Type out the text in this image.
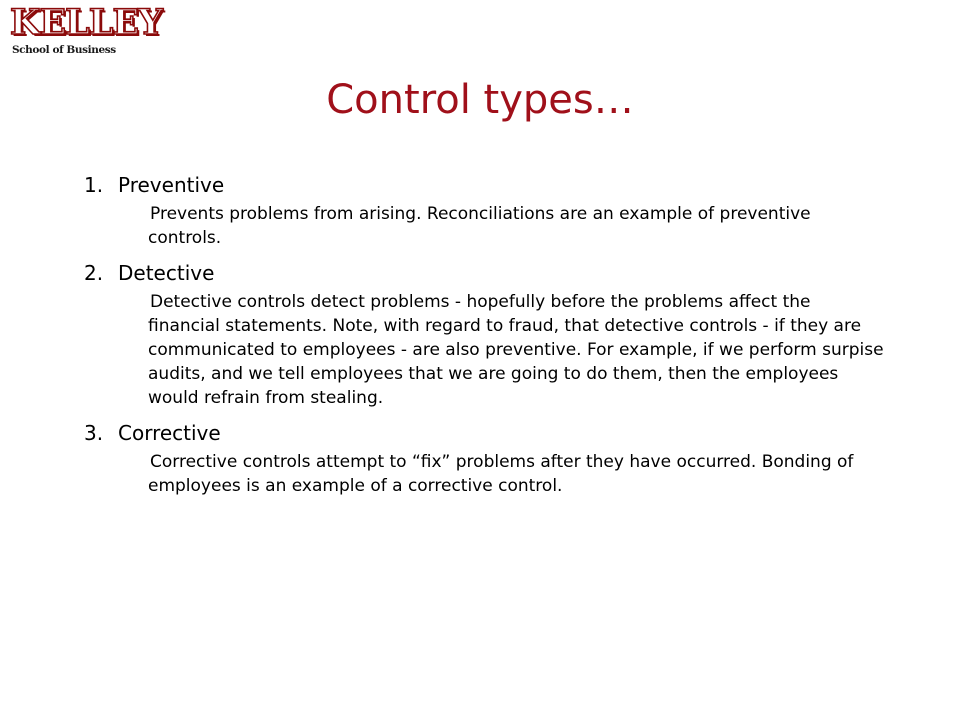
KELLEY
School of Business
Control types…
1. Preventive

Prevents problems from arising. Reconciliations are an example of preventive controls.

2. Detective

Detective controls detect problems - hopefully before the problems affect the financial statements. Note, with regard to fraud, that detective controls - if they are communicated to employees - are also preventive. For example, if we perform surpise audits, and we tell employees that we are going to do them, then the employees would refrain from stealing.

3. Corrective

Corrective controls attempt to “fix” problems after they have occurred. Bonding of employees is an example of a corrective control.
